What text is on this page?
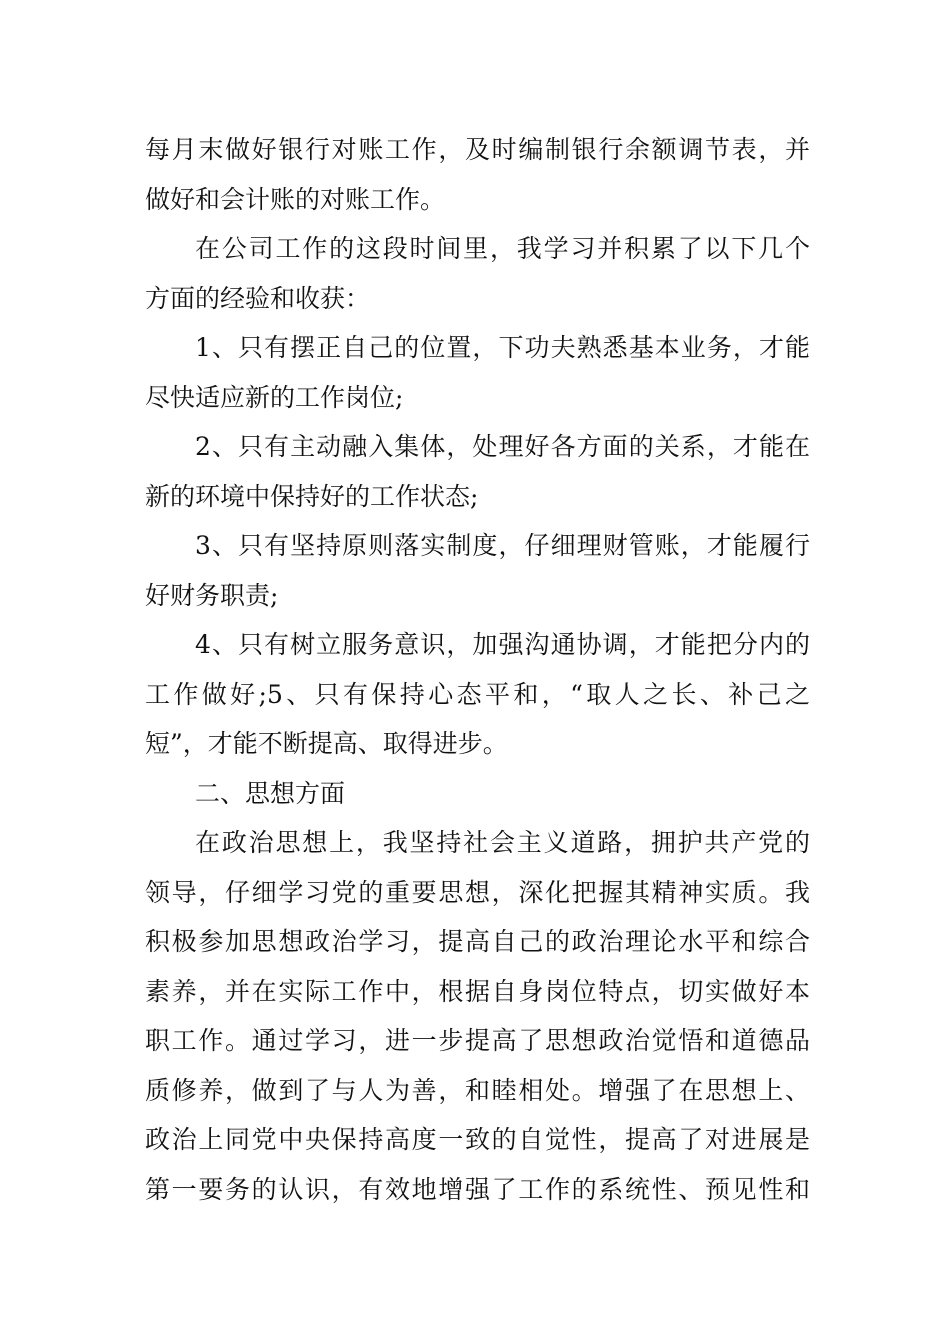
每月末做好银行对账工作，及时编制银行余额调节表，并
做好和会计账的对账工作。
在公司工作的这段时间里，我学习并积累了以下几个
方面的经验和收获：
1、只有摆正自己的位置，下功夫熟悉基本业务，才能
尽快适应新的工作岗位;
2、只有主动融入集体，处理好各方面的关系，才能在
新的环境中保持好的工作状态;
3、只有坚持原则落实制度，仔细理财管账，才能履行
好财务职责;
4、只有树立服务意识，加强沟通协调，才能把分内的
工作做好;5、只有保持心态平和，“取人之长、补己之
短”，才能不断提高、取得进步。
二、思想方面
在政治思想上，我坚持社会主义道路，拥护共产党的
领导，仔细学习党的重要思想，深化把握其精神实质。我
积极参加思想政治学习，提高自己的政治理论水平和综合
素养，并在实际工作中，根据自身岗位特点，切实做好本
职工作。通过学习，进一步提高了思想政治觉悟和道德品
质修养，做到了与人为善，和睦相处。增强了在思想上、
政治上同党中央保持高度一致的自觉性，提高了对进展是
第一要务的认识，有效地增强了工作的系统性、预见性和
